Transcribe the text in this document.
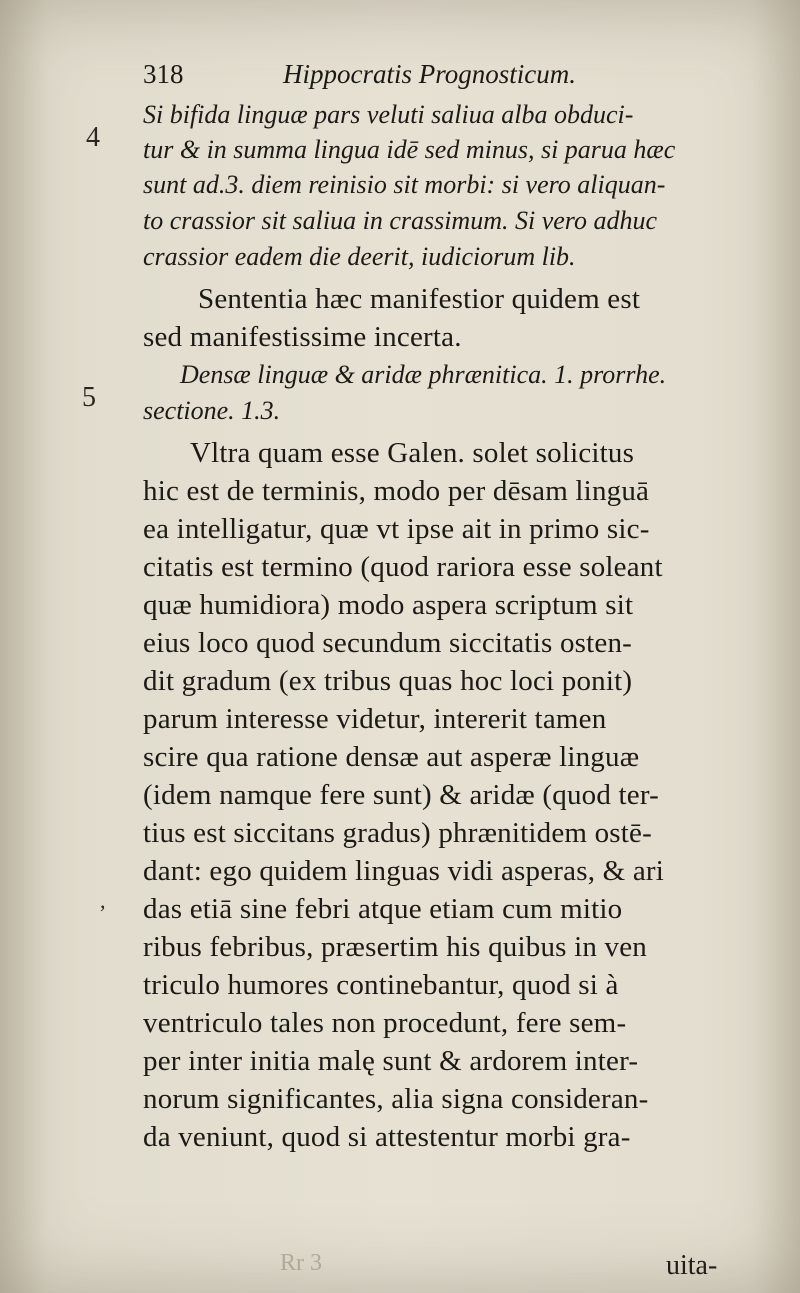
318	Hippocratis Prognosticum.
4
5
,
Si bifida linguæ pars veluti saliua alba obduci-
tur & in summa lingua idē sed minus, si parua hæc
sunt ad.3. diem reinisio sit morbi: si vero aliquan-
to crassior sit saliua in crassimum. Si vero adhuc
crassior eadem die deerit, iudiciorum lib.
Sententia hæc manifestior quidem est
sed manifestissime incerta.
Densæ linguæ & aridæ phrænitica. 1. prorrhe.
sectione. 1.3.
Vltra quam esse Galen. solet solicitus
hic est de terminis, modo per dēsam linguā
ea intelligatur, quæ vt ipse ait in primo sic-
citatis est termino (quod rariora esse soleant
quæ humidiora) modo aspera scriptum sit
eius loco quod secundum siccitatis osten-
dit gradum (ex tribus quas hoc loci ponit)
parum interesse videtur, intererit tamen
scire qua ratione densæ aut asperæ linguæ
(idem namque fere sunt) & aridæ (quod ter-
tius est siccitans gradus) phrænitidem ostē-
dant: ego quidem linguas vidi asperas, & ari
das etiā sine febri atque etiam cum mitio
ribus febribus, præsertim his quibus in ven
triculo humores continebantur, quod si à
ventriculo tales non procedunt, fere sem-
per inter initia malę sunt & ardorem inter-
norum significantes, alia signa consideran-
da veniunt, quod si attestentur morbi gra-
Rr 3	uita-
